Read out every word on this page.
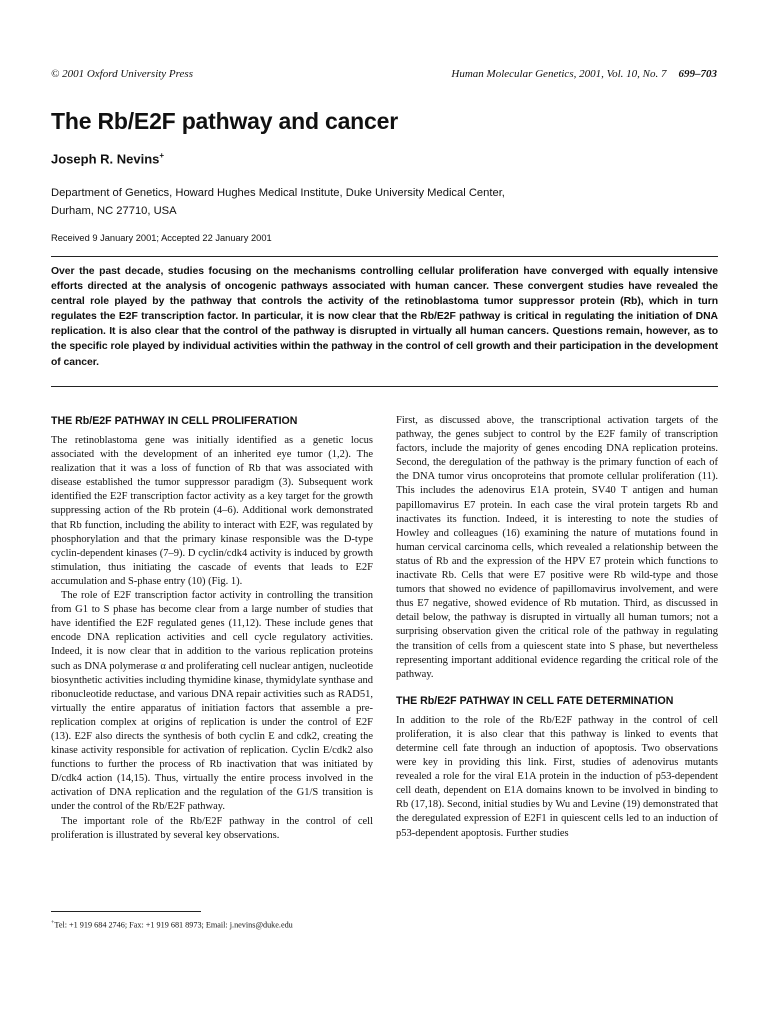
© 2001 Oxford University Press	Human Molecular Genetics, 2001, Vol. 10, No. 7 699–703
The Rb/E2F pathway and cancer
Joseph R. Nevins+
Department of Genetics, Howard Hughes Medical Institute, Duke University Medical Center,
Durham, NC 27710, USA
Received 9 January 2001; Accepted 22 January 2001
Over the past decade, studies focusing on the mechanisms controlling cellular proliferation have converged with equally intensive efforts directed at the analysis of oncogenic pathways associated with human cancer. These convergent studies have revealed the central role played by the pathway that controls the activity of the retinoblastoma tumor suppressor protein (Rb), which in turn regulates the E2F transcription factor. In particular, it is now clear that the Rb/E2F pathway is critical in regulating the initiation of DNA replication. It is also clear that the control of the pathway is disrupted in virtually all human cancers. Questions remain, however, as to the specific role played by individual activities within the pathway in the control of cell growth and their participation in the development of cancer.
THE Rb/E2F PATHWAY IN CELL PROLIFERATION

The retinoblastoma gene was initially identified as a genetic locus associated with the development of an inherited eye tumor (1,2). The realization that it was a loss of function of Rb that was associated with disease established the tumor suppressor paradigm (3). Subsequent work identified the E2F transcription factor activity as a key target for the growth suppressing action of the Rb protein (4–6). Additional work demonstrated that Rb function, including the ability to interact with E2F, was regulated by phosphorylation and that the primary kinase responsible was the D-type cyclin-dependent kinases (7–9). D cyclin/cdk4 activity is induced by growth stimulation, thus initiating the cascade of events that leads to E2F accumulation and S-phase entry (10) (Fig. 1).

The role of E2F transcription factor activity in controlling the transition from G1 to S phase has become clear from a large number of studies that have identified the E2F regulated genes (11,12). These include genes that encode DNA replication activities and cell cycle regulatory activities. Indeed, it is now clear that in addition to the various replication proteins such as DNA polymerase α and proliferating cell nuclear antigen, nucleotide biosynthetic activities including thymidine kinase, thymidylate synthase and ribonucleotide reductase, and various DNA repair activities such as RAD51, virtually the entire apparatus of initiation factors that assemble a pre-replication complex at origins of replication is under the control of E2F (13). E2F also directs the synthesis of both cyclin E and cdk2, creating the kinase activity responsible for activation of replication. Cyclin E/cdk2 also functions to further the process of Rb inactivation that was initiated by D/cdk4 action (14,15). Thus, virtually the entire process involved in the activation of DNA replication and the regulation of the G1/S transition is under the control of the Rb/E2F pathway.

The important role of the Rb/E2F pathway in the control of cell proliferation is illustrated by several key observations.

First, as discussed above, the transcriptional activation targets of the pathway, the genes subject to control by the E2F family of transcription factors, include the majority of genes encoding DNA replication proteins. Second, the deregulation of the pathway is the primary function of each of the DNA tumor virus oncoproteins that promote cellular proliferation (11). This includes the adenovirus E1A protein, SV40 T antigen and human papillomavirus E7 protein. In each case the viral protein targets Rb and inactivates its function. Indeed, it is interesting to note the studies of Howley and colleagues (16) examining the nature of mutations found in human cervical carcinoma cells, which revealed a relationship between the status of Rb and the expression of the HPV E7 protein which functions to inactivate Rb. Cells that were E7 positive were Rb wild-type and those tumors that showed no evidence of papillomavirus involvement, and were thus E7 negative, showed evidence of Rb mutation. Third, as discussed in detail below, the pathway is disrupted in virtually all human tumors; not a surprising observation given the critical role of the pathway in regulating the transition of cells from a quiescent state into S phase, but nevertheless representing important additional evidence regarding the critical role of the pathway.

THE Rb/E2F PATHWAY IN CELL FATE DETERMINATION

In addition to the role of the Rb/E2F pathway in the control of cell proliferation, it is also clear that this pathway is linked to events that determine cell fate through an induction of apoptosis. Two observations were key in providing this link. First, studies of adenovirus mutants revealed a role for the viral E1A protein in the induction of p53-dependent cell death, dependent on E1A domains known to be involved in binding to Rb (17,18). Second, initial studies by Wu and Levine (19) demonstrated that the deregulated expression of E2F1 in quiescent cells led to an induction of p53-dependent apoptosis. Further studies

+Tel: +1 919 684 2746; Fax: +1 919 681 8973; Email: j.nevins@duke.edu
